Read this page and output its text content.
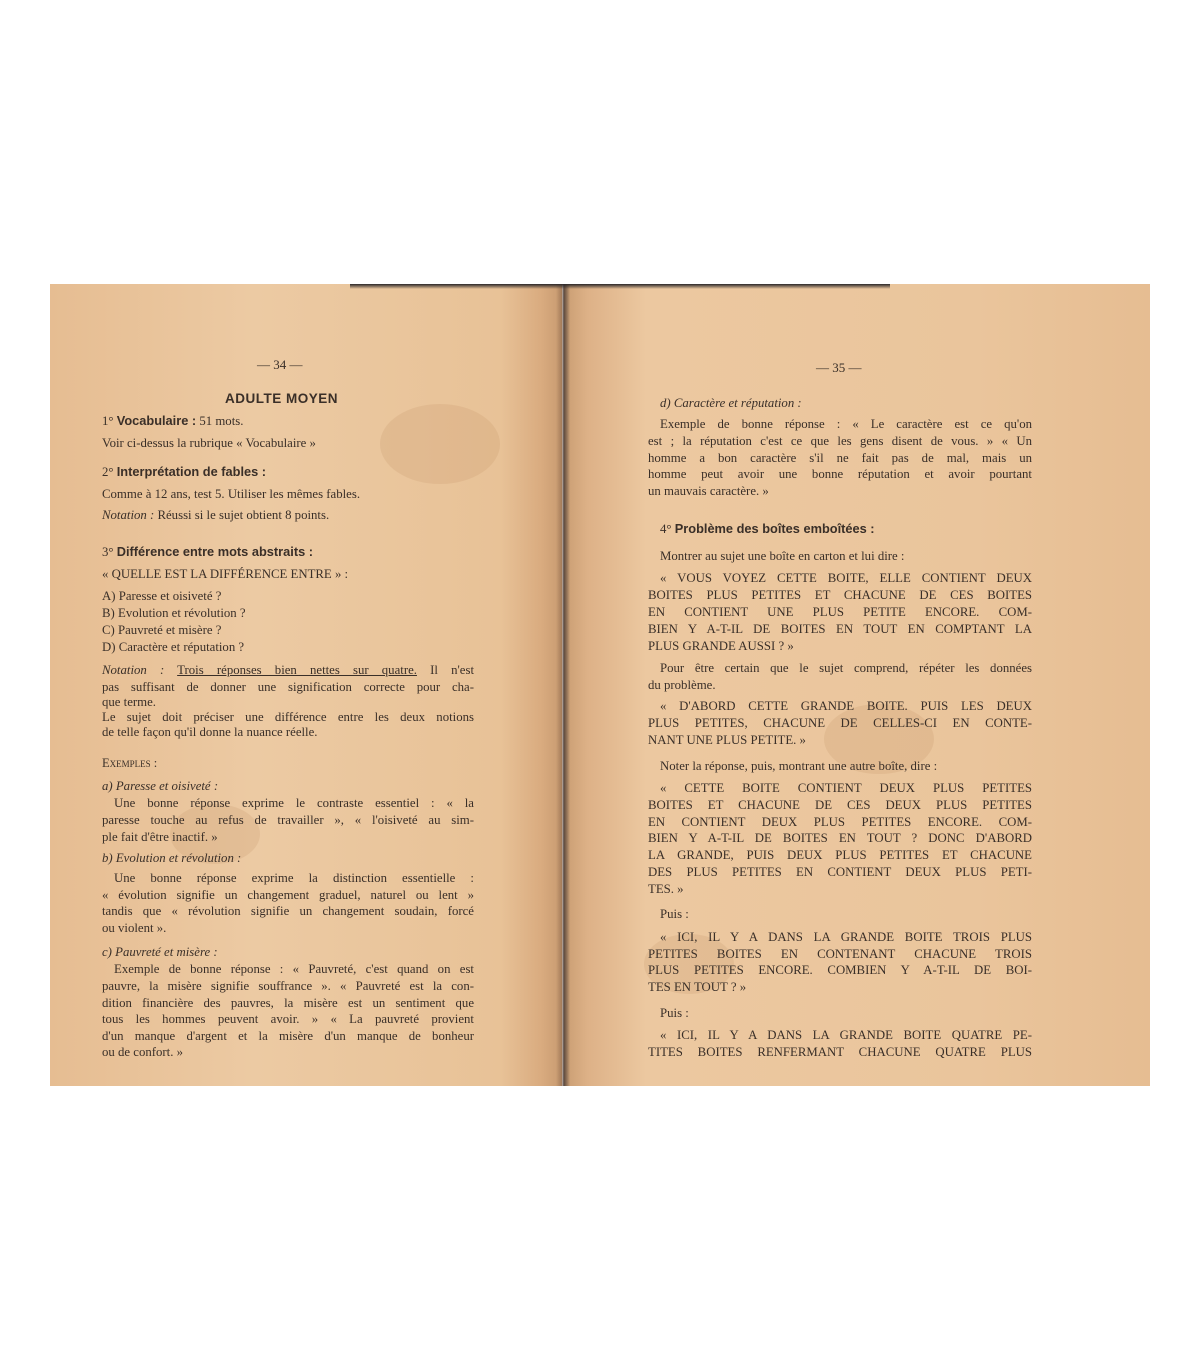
— 34 —
ADULTE MOYEN
1° Vocabulaire : 51 mots.
Voir ci-dessus la rubrique « Vocabulaire »
2° Interprétation de fables :
Comme à 12 ans, test 5. Utiliser les mêmes fables.
Notation : Réussi si le sujet obtient 8 points.
3° Différence entre mots abstraits :
« QUELLE EST LA DIFFÉRENCE ENTRE » :
A) Paresse et oisiveté ?
B) Evolution et révolution ?
C) Pauvreté et misère ?
D) Caractère et réputation ?
Notation : Trois réponses bien nettes sur quatre. Il n'est
pas suffisant de donner une signification correcte pour cha-
que terme.
Le sujet doit préciser une différence entre les deux notions
de telle façon qu'il donne la nuance réelle.
Exemples :
a) Paresse et oisiveté :
Une bonne réponse exprime le contraste essentiel : « la
paresse touche au refus de travailler », « l'oisiveté au sim-
ple fait d'être inactif. »
b) Evolution et révolution :
Une bonne réponse exprime la distinction essentielle :
« évolution signifie un changement graduel, naturel ou lent »
tandis que « révolution signifie un changement soudain, forcé
ou violent ».
c) Pauvreté et misère :
Exemple de bonne réponse : « Pauvreté, c'est quand on est
pauvre, la misère signifie souffrance ». « Pauvreté est la con-
dition financière des pauvres, la misère est un sentiment que
tous les hommes peuvent avoir. » « La pauvreté provient
d'un manque d'argent et la misère d'un manque de bonheur
ou de confort. »
— 35 —
d) Caractère et réputation :
Exemple de bonne réponse : « Le caractère est ce qu'on
est ; la réputation c'est ce que les gens disent de vous. » « Un
homme a bon caractère s'il ne fait pas de mal, mais un
homme peut avoir une bonne réputation et avoir pourtant
un mauvais caractère. »
4° Problème des boîtes emboîtées :
Montrer au sujet une boîte en carton et lui dire :
« VOUS VOYEZ CETTE BOITE, ELLE CONTIENT DEUX
BOITES PLUS PETITES ET CHACUNE DE CES BOITES
EN CONTIENT UNE PLUS PETITE ENCORE. COM-
BIEN Y A-T-IL DE BOITES EN TOUT EN COMPTANT LA
PLUS GRANDE AUSSI ? »
Pour être certain que le sujet comprend, répéter les données
du problème.
« D'ABORD CETTE GRANDE BOITE. PUIS LES DEUX
PLUS PETITES, CHACUNE DE CELLES-CI EN CONTE-
NANT UNE PLUS PETITE. »
Noter la réponse, puis, montrant une autre boîte, dire :
« CETTE BOITE CONTIENT DEUX PLUS PETITES
BOITES ET CHACUNE DE CES DEUX PLUS PETITES
EN CONTIENT DEUX PLUS PETITES ENCORE. COM-
BIEN Y A-T-IL DE BOITES EN TOUT ? DONC D'ABORD
LA GRANDE, PUIS DEUX PLUS PETITES ET CHACUNE
DES PLUS PETITES EN CONTIENT DEUX PLUS PETI-
TES. »
Puis :
« ICI, IL Y A DANS LA GRANDE BOITE TROIS PLUS
PETITES BOITES EN CONTENANT CHACUNE TROIS
PLUS PETITES ENCORE. COMBIEN Y A-T-IL DE BOI-
TES EN TOUT ? »
Puis :
« ICI, IL Y A DANS LA GRANDE BOITE QUATRE PE-
TITES BOITES RENFERMANT CHACUNE QUATRE PLUS
